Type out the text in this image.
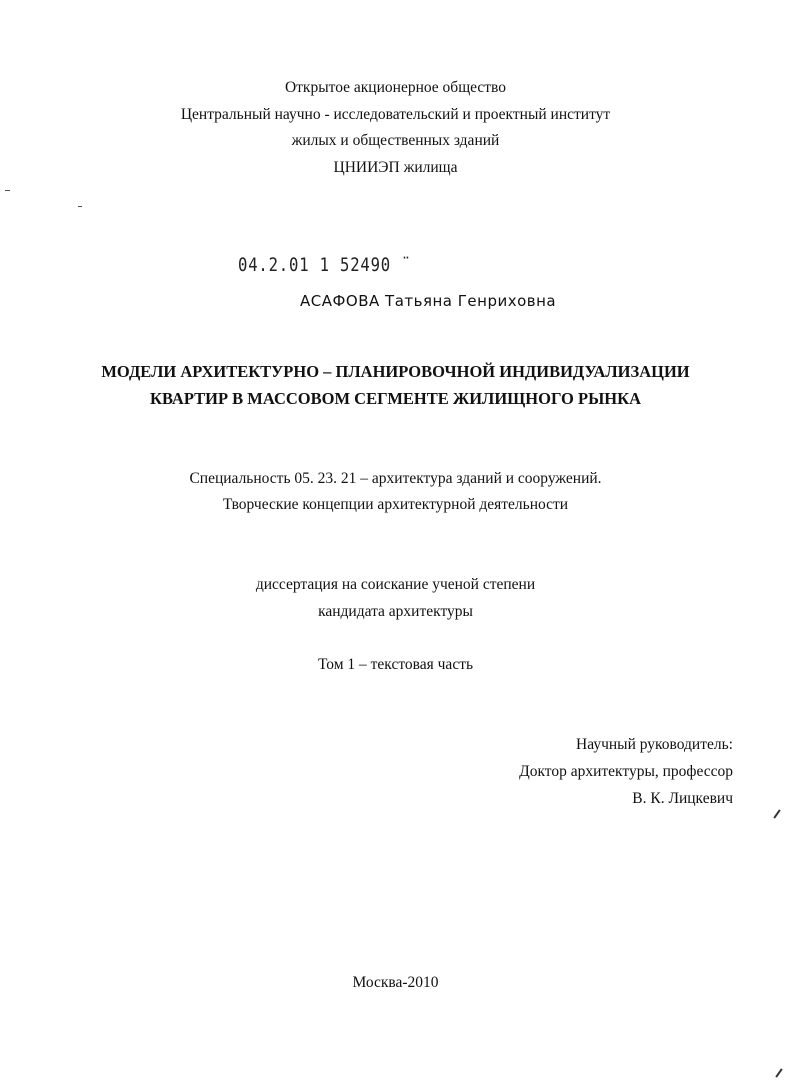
Открытое акционерное общество
Центральный научно - исследовательский и проектный институт
жилых и общественных зданий
ЦНИИЭП жилища
04.2.01 1 52490 ¨
АСАФОВА Татьяна Генриховна
МОДЕЛИ АРХИТЕКТУРНО – ПЛАНИРОВОЧНОЙ ИНДИВИДУАЛИЗАЦИИ
КВАРТИР В МАССОВОМ СЕГМЕНТЕ ЖИЛИЩНОГО РЫНКА
Специальность 05. 23. 21 – архитектура зданий и сооружений.
Творческие концепции архитектурной деятельности
диссертация на соискание ученой степени
кандидата архитектуры
Том 1 – текстовая часть
Научный руководитель:
Доктор архитектуры, профессор
В. К. Лицкевич
Москва-2010
